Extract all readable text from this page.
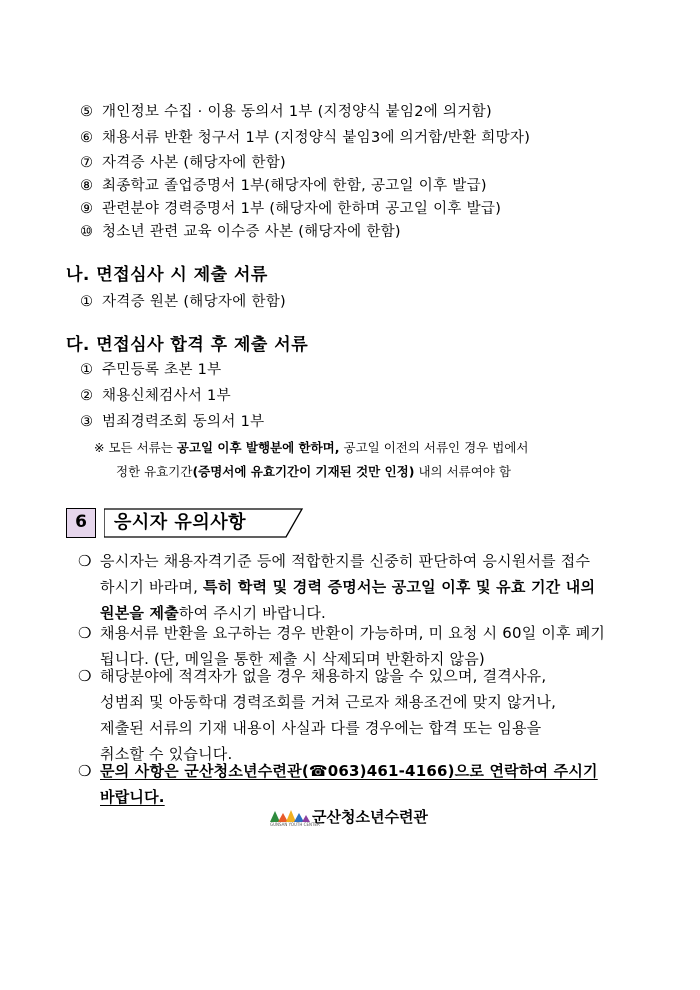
⑤ 개인정보 수집 · 이용 동의서 1부 (지정양식 붙임2에 의거함)
⑥ 채용서류 반환 청구서 1부 (지정양식 붙임3에 의거함/반환 희망자)
⑦ 자격증 사본 (해당자에 한함)
⑧ 최종학교 졸업증명서 1부(해당자에 한함, 공고일 이후 발급)
⑨ 관련분야 경력증명서 1부 (해당자에 한하며 공고일 이후 발급)
⑩ 청소년 관련 교육 이수증 사본 (해당자에 한함)
나. 면접심사 시 제출 서류
① 자격증 원본 (해당자에 한함)
다. 면접심사 합격 후 제출 서류
① 주민등록 초본 1부
② 채용신체검사서 1부
③ 범죄경력조회 동의서 1부
※ 모든 서류는 공고일 이후 발행분에 한하며, 공고일 이전의 서류인 경우 법에서
정한 유효기간(증명서에 유효기간이 기재된 것만 인정) 내의 서류여야 함
6	응시자 유의사항
❍ 응시자는 채용자격기준 등에 적합한지를 신중히 판단하여 응시원서를 접수
하시기 바라며, 특히 학력 및 경력 증명서는 공고일 이후 및 유효 기간 내의
원본을 제출하여 주시기 바랍니다.
❍ 채용서류 반환을 요구하는 경우 반환이 가능하며, 미 요청 시 60일 이후 폐기
됩니다. (단, 메일을 통한 제출 시 삭제되며 반환하지 않음)
❍ 해당분야에 적격자가 없을 경우 채용하지 않을 수 있으며, 결격사유,
성범죄 및 아동학대 경력조회를 거쳐 근로자 채용조건에 맞지 않거나,
제출된 서류의 기재 내용이 사실과 다를 경우에는 합격 또는 임용을
취소할 수 있습니다.
❍ 문의 사항은 군산청소년수련관(☎063)461-4166)으로 연락하여 주시기
바랍니다.
GUNSAN YOUTH CENTER
군산청소년수련관
